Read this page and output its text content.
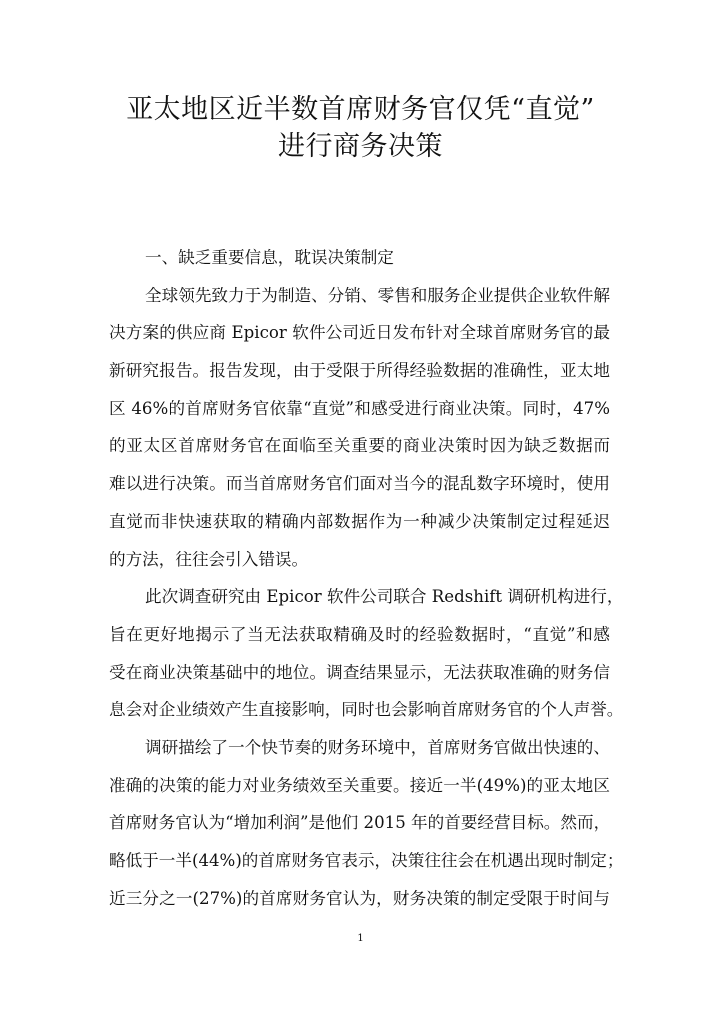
亚太地区近半数首席财务官仅凭“直觉”
进行商务决策
一、缺乏重要信息，耽误决策制定
全球领先致力于为制造、分销、零售和服务企业提供企业软件解
决方案的供应商 Epicor 软件公司近日发布针对全球首席财务官的最
新研究报告。报告发现，由于受限于所得经验数据的准确性，亚太地
区 46%的首席财务官依靠“直觉”和感受进行商业决策。同时，47%
的亚太区首席财务官在面临至关重要的商业决策时因为缺乏数据而
难以进行决策。而当首席财务官们面对当今的混乱数字环境时，使用
直觉而非快速获取的精确内部数据作为一种减少决策制定过程延迟
的方法，往往会引入错误。
此次调查研究由 Epicor 软件公司联合 Redshift 调研机构进行，
旨在更好地揭示了当无法获取精确及时的经验数据时，“直觉”和感
受在商业决策基础中的地位。调查结果显示，无法获取准确的财务信
息会对企业绩效产生直接影响，同时也会影响首席财务官的个人声誉。
调研描绘了一个快节奏的财务环境中，首席财务官做出快速的、
准确的决策的能力对业务绩效至关重要。接近一半(49%)的亚太地区
首席财务官认为“增加利润”是他们 2015 年的首要经营目标。然而，
略低于一半(44%)的首席财务官表示，决策往往会在机遇出现时制定；
近三分之一(27%)的首席财务官认为，财务决策的制定受限于时间与
1
